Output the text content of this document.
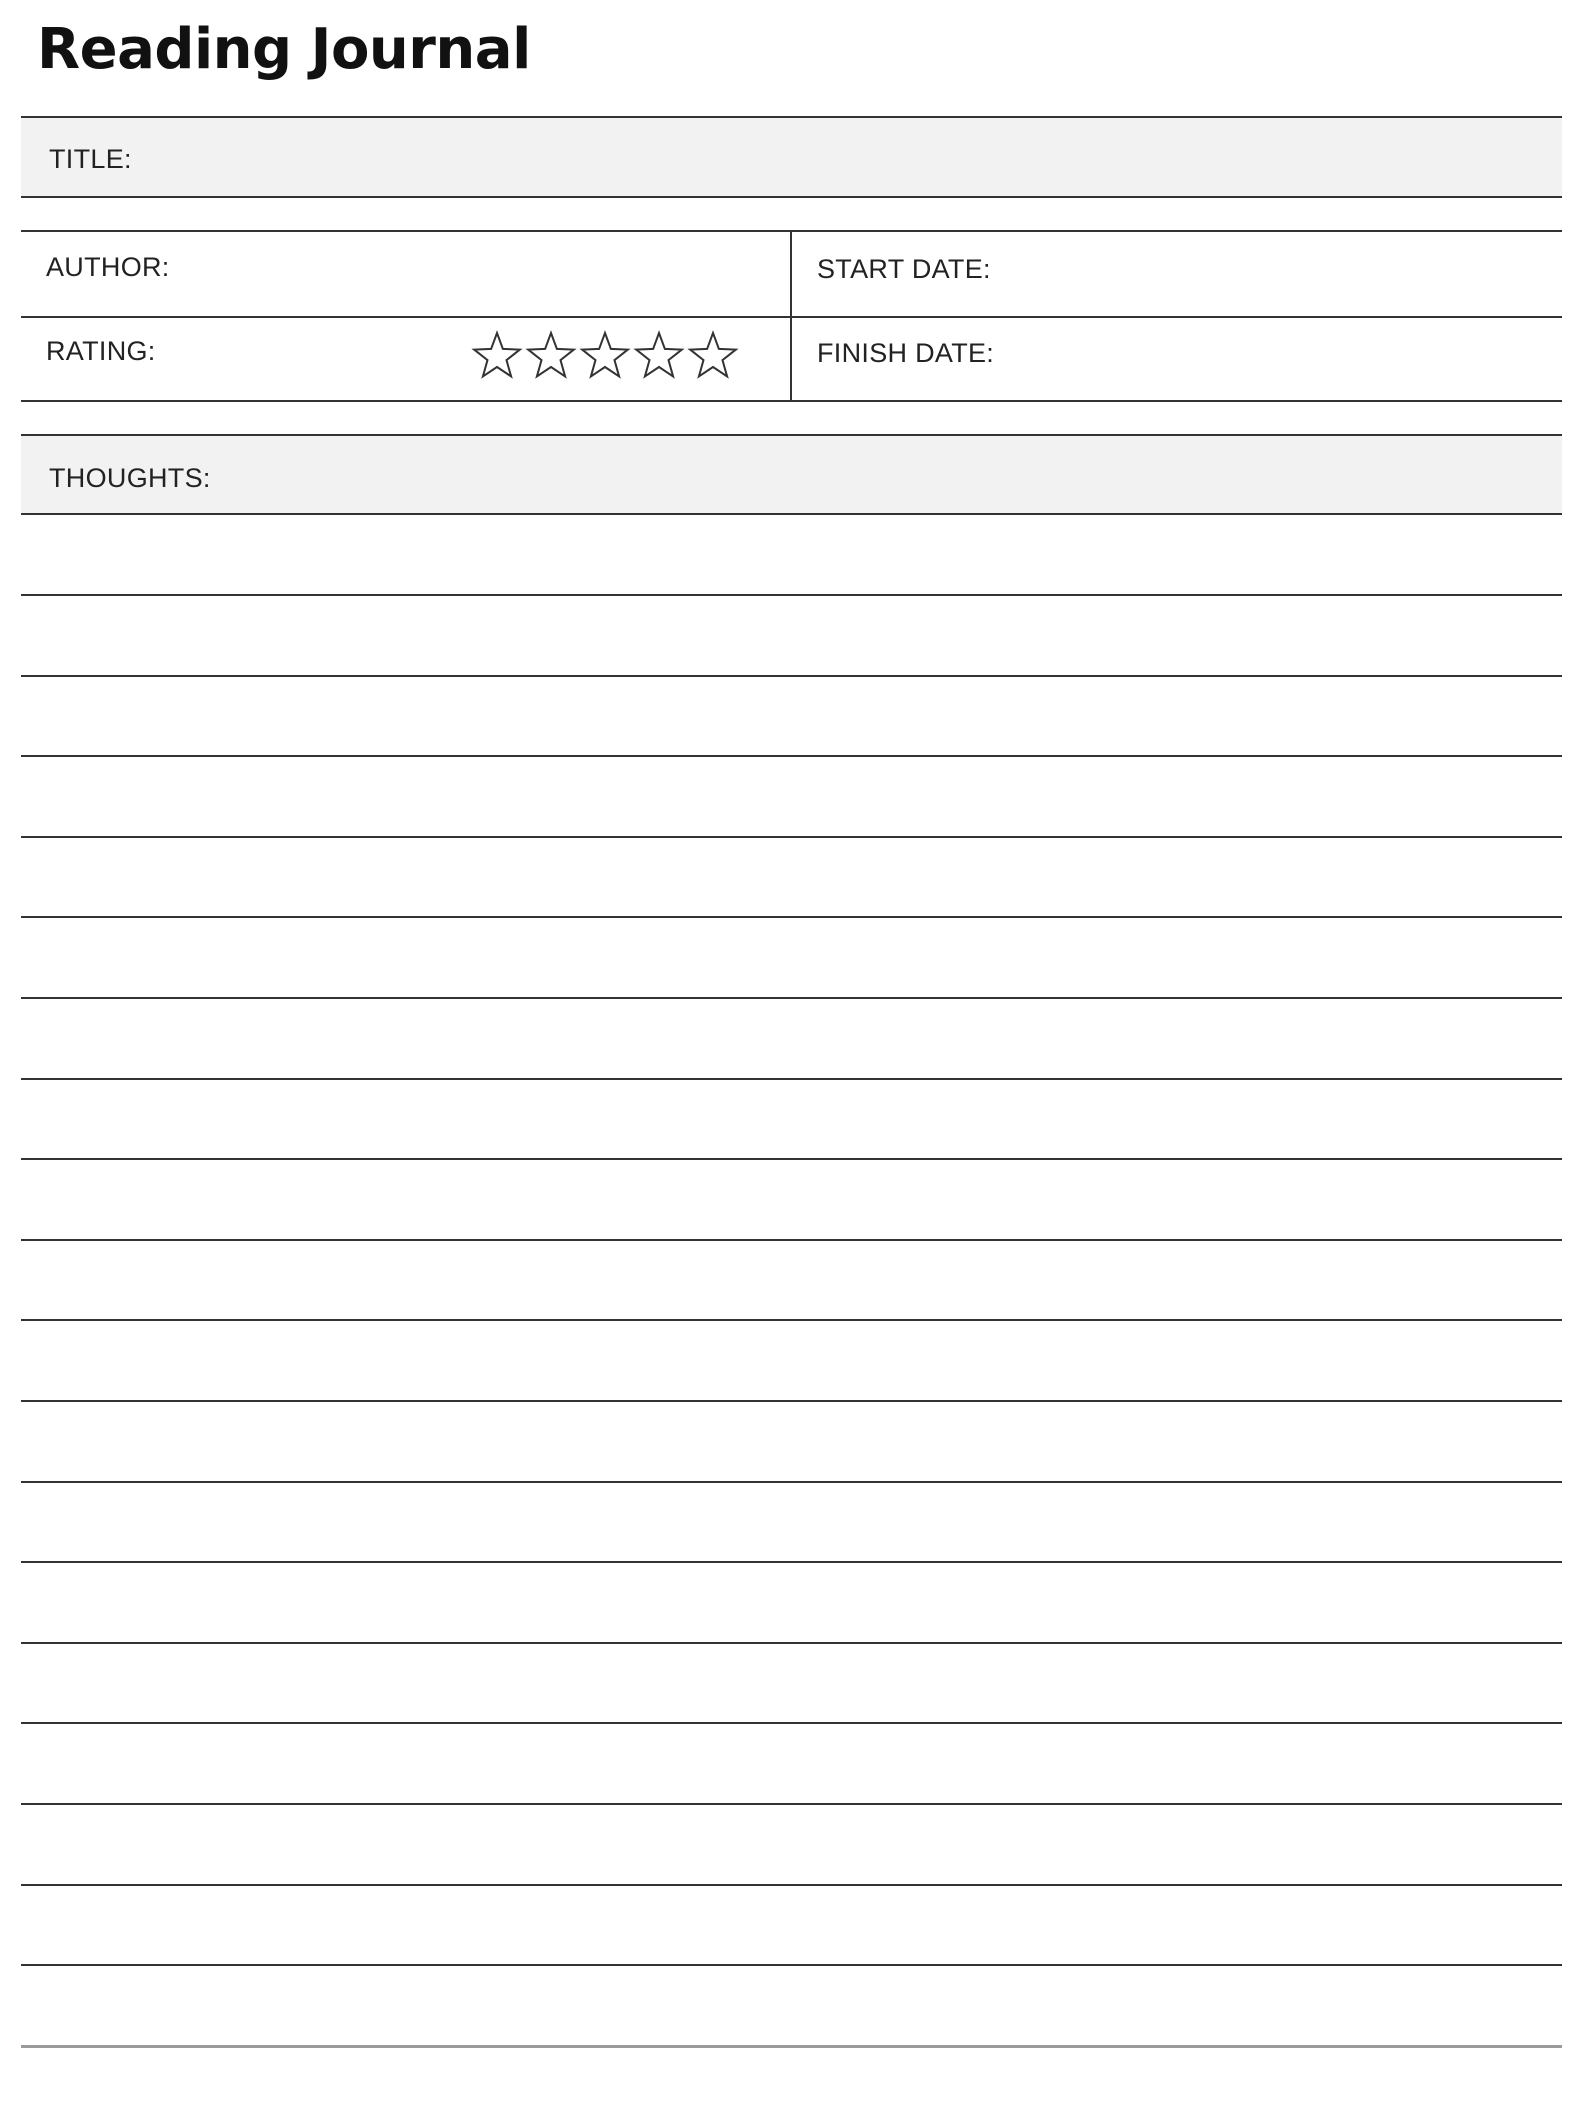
Reading Journal
TITLE:
AUTHOR:	START DATE:
RATING:	FINISH DATE:
THOUGHTS:
